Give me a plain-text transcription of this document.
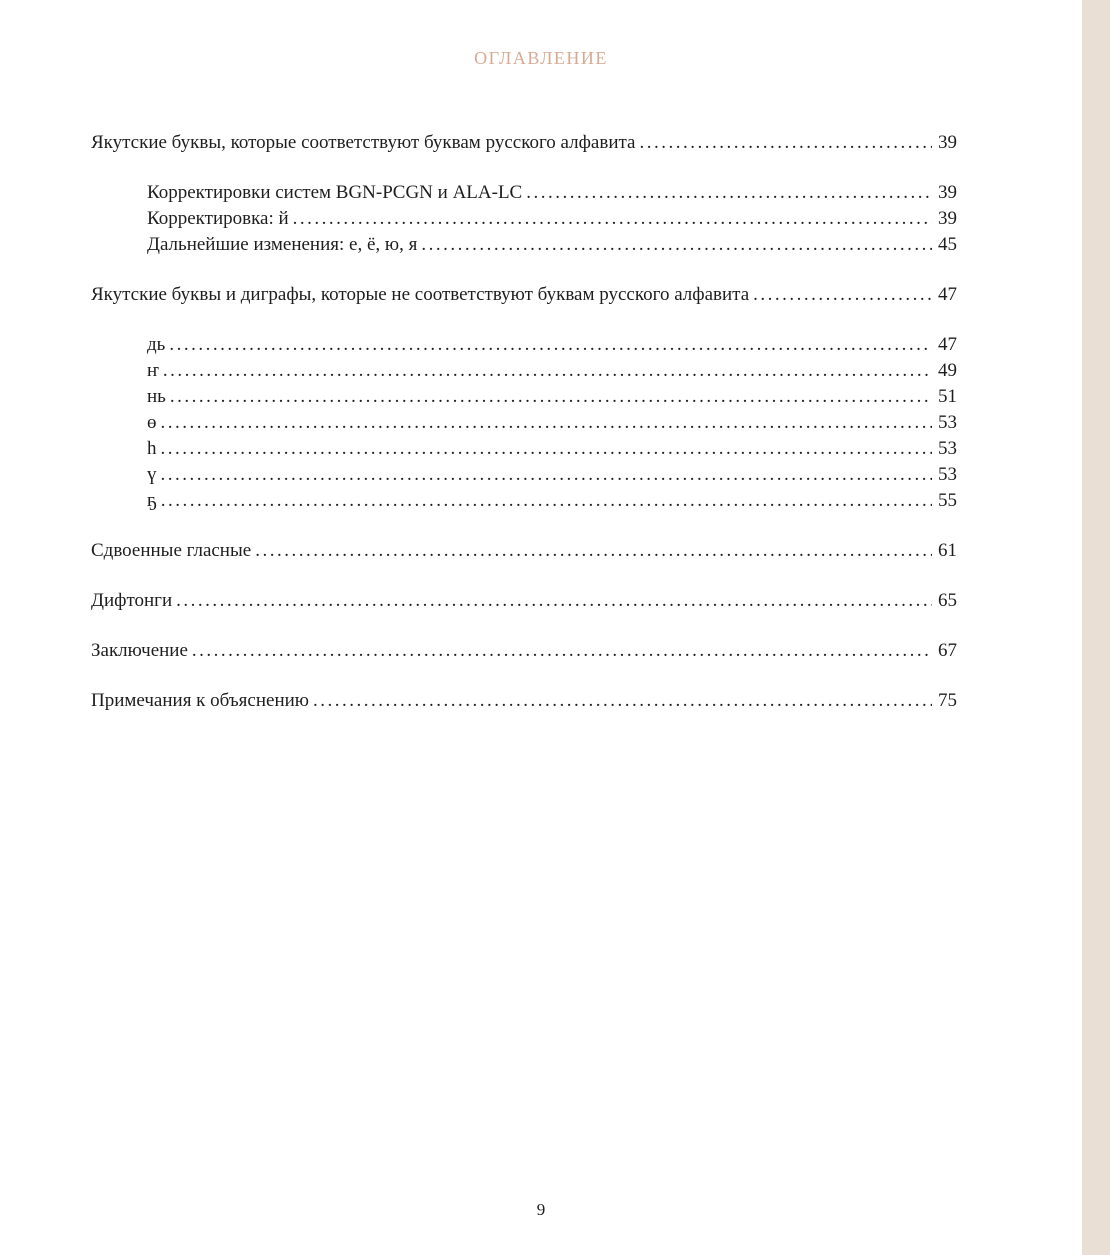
ОГЛАВЛЕНИЕ
Якутские буквы, которые соответствуют буквам русского алфавита .....	39
Корректировки систем BGN-PCGN и ALA-LC .....	39
Корректировка: й .....	39
Дальнейшие изменения: е, ё, ю, я .....	45
Якутские буквы и диграфы, которые не соответствуют буквам русского алфавита .....	47
дь .....	47
ҥ .....	49
нь .....	51
ө .....	53
һ .....	53
ү .....	53
ҕ .....	55
Сдвоенные гласные .....	61
Дифтонги .....	65
Заключение .....	67
Примечания к объяснению .....	75
9
